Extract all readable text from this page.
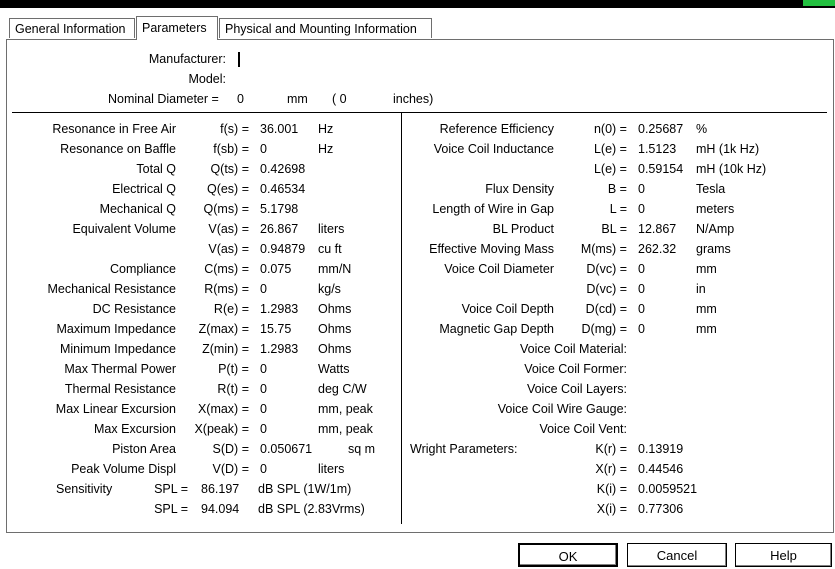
General Information	Parameters	Physical and Mounting Information
Manufacturer:
Model:
Nominal Diameter = 0	mm ( 0	inches)
Resonance in Free Air	f(s) = 36.001 Hz
Resonance on Baffle	f(sb) = 0	Hz
Total Q	Q(ts) = 0.42698
Electrical Q Q(es) = 0.46534
Mechanical Q Q(ms) = 5.1798
Equivalent Volume	V(as) = 26.867 liters
V(as) = 0.94879 cu ft
Compliance C(ms) = 0.075 mm/N
Mechanical Resistance R(ms) = 0	kg/s
DC Resistance	R(e) = 1.2983 Ohms
Maximum Impedance Z(max) = 15.75 Ohms
Minimum Impedance Z(min) = 1.2983 Ohms
Max Thermal Power	P(t) = 0	Watts
Thermal Resistance	R(t) = 0	deg C/W
Max Linear Excursion X(max) = 0	mm, peak
Max Excursion X(peak) = 0	mm, peak
Piston Area	S(D) = 0.050671	sq m
Peak Volume Displ	V(D) = 0	liters
Sensitivity	SPL = 86.197 dB SPL (1W/1m)
SPL = 94.094 dB SPL (2.83Vrms)
Reference Efficiency	n(0) = 0.25687 %
Voice Coil Inductance	L(e) = 1.5123 mH (1k Hz)
L(e) = 0.59154 mH (10k Hz)
Flux Density	B = 0	Tesla
Length of Wire in Gap	L = 0	meters
BL Product	BL = 12.867 N/Amp
Effective Moving Mass M(ms) = 262.32 grams
Voice Coil Diameter	D(vc) = 0	mm
D(vc) = 0	in
Voice Coil Depth	D(cd) = 0	mm
Magnetic Gap Depth D(mg) = 0	mm
Voice Coil Material:
Voice Coil Former:
Voice Coil Layers:
Voice Coil Wire Gauge:
Voice Coil Vent:
Wright Parameters:	K(r) = 0.13919
X(r) = 0.44546
K(i) = 0.0059521
X(i) = 0.77306
OK	Cancel	Help
